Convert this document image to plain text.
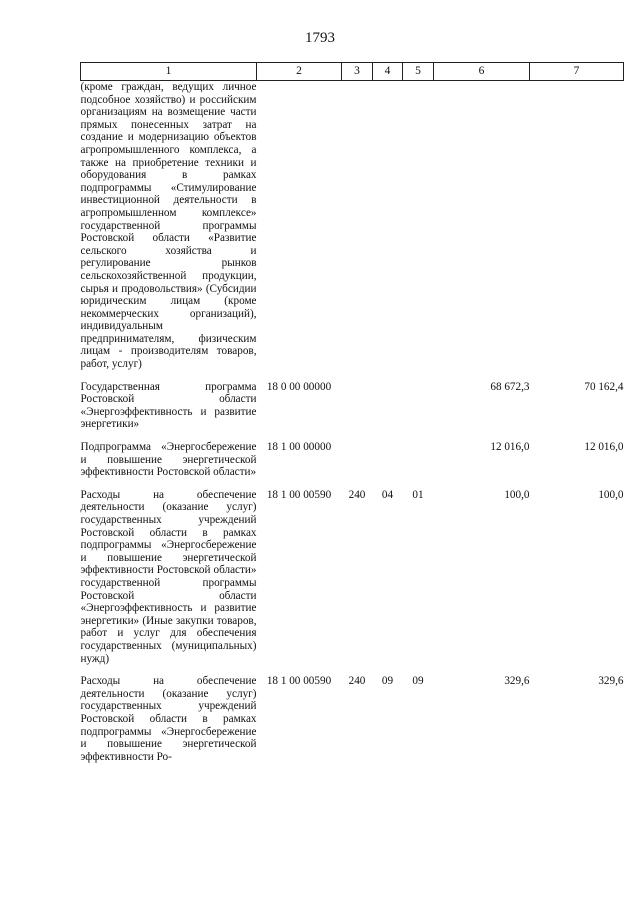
1793
1	2	3	4	5	6	7
(кроме граждан, ведущих личное подсобное хозяйство) и российским организациям на возмещение части прямых понесенных затрат на создание и модернизацию объектов агропромышленного комплекса, а также на приобретение техники и оборудования в рамках подпрограммы «Стимулирование инвестиционной деятельности в агропромышленном комплексе» государственной программы Ростовской области «Развитие сельского хозяйства и регулирование рынков сельскохозяйственной продукции, сырья и продовольствия» (Субсидии юридическим лицам (кроме некоммерческих организаций), индивидуальным предпринимателям, физическим лицам - производителям товаров, работ, услуг)						
Государственная программа Ростовской области «Энергоэффективность и развитие энергетики»	18 0 00 00000				68 672,3	70 162,4
Подпрограмма «Энергосбережение и повышение энергетической эффективности Ростовской области»	18 1 00 00000				12 016,0	12 016,0
Расходы на обеспечение деятельности (оказание услуг) государственных учреждений Ростовской области в рамках подпрограммы «Энергосбережение и повышение энергетической эффективности Ростовской области» государственной программы Ростовской области «Энергоэффективность и развитие энергетики» (Иные закупки товаров, работ и услуг для обеспечения государственных (муниципальных) нужд)	18 1 00 00590	240	04	01	100,0	100,0
Расходы на обеспечение деятельности (оказание услуг) государственных учреждений Ростовской области в рамках подпрограммы «Энергосбережение и повышение энергетической эффективности Ро-	18 1 00 00590	240	09	09	329,6	329,6
